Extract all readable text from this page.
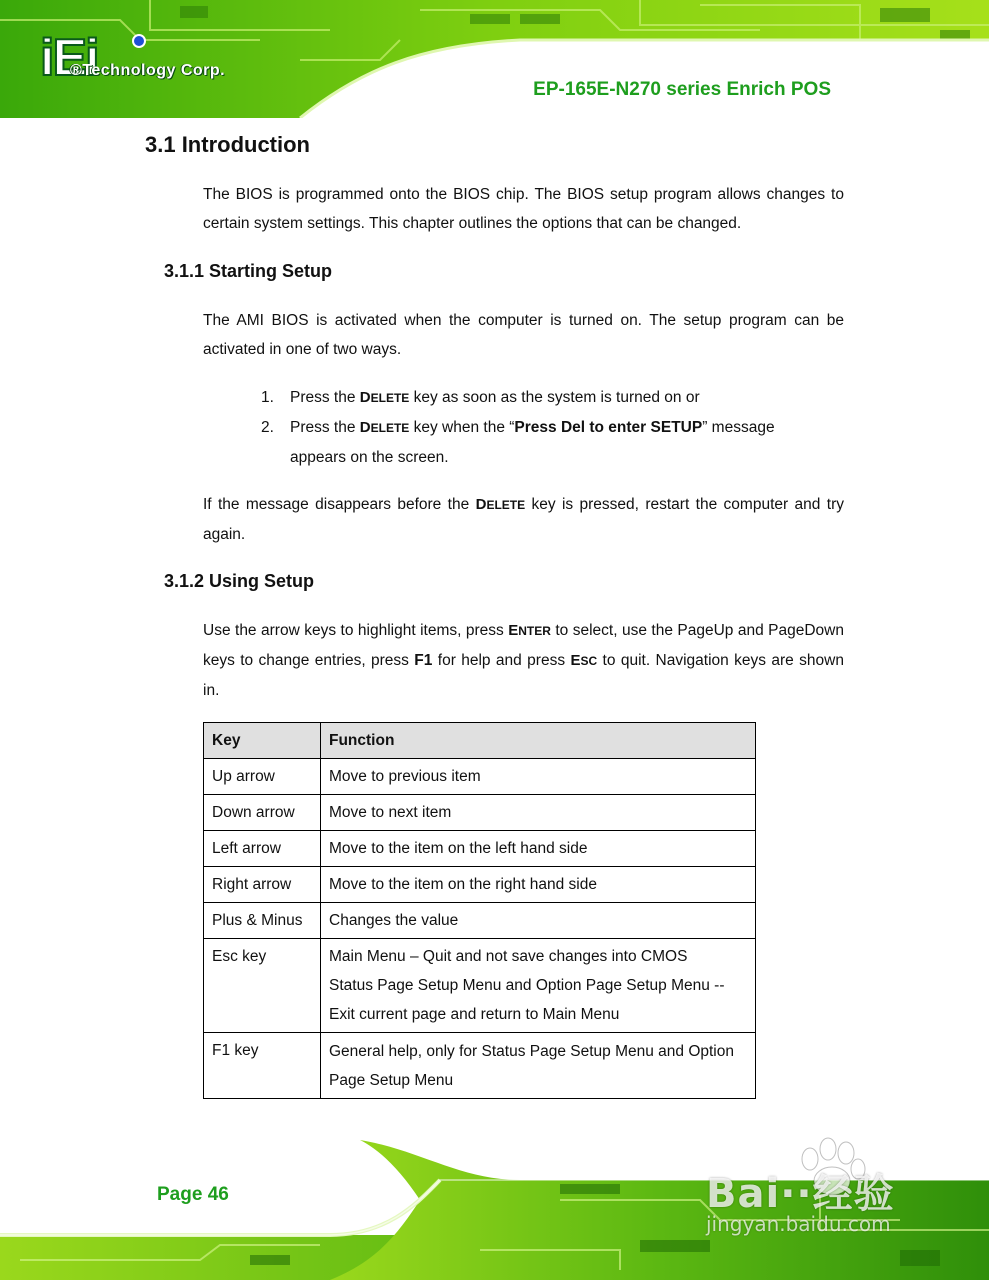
iEi
®Technology Corp.
EP-165E-N270 series Enrich POS
3.1 Introduction

The BIOS is programmed onto the BIOS chip. The BIOS setup program allows changes to certain system settings. This chapter outlines the options that can be changed.

3.1.1 Starting Setup

The AMI BIOS is activated when the computer is turned on. The setup program can be activated in one of two ways.

1. Press the DELETE key as soon as the system is turned on or
2. Press the DELETE key when the “Press Del to enter SETUP” message appears on the screen.

If the message disappears before the DELETE key is pressed, restart the computer and try again.

3.1.2 Using Setup

Use the arrow keys to highlight items, press ENTER to select, use the PageUp and PageDown keys to change entries, press F1 for help and press ESC to quit. Navigation keys are shown in.

Key	Function
Up arrow	Move to previous item
Down arrow	Move to next item
Left arrow	Move to the item on the left hand side
Right arrow	Move to the item on the right hand side
Plus & Minus	Changes the value
Esc key	Main Menu – Quit and not save changes into CMOS
Status Page Setup Menu and Option Page Setup Menu -- Exit current page and return to Main Menu

F1 key	General help, only for Status Page Setup Menu and Option Page Setup Menu
Page 46	Bai··经验
jingyan.baidu.com
